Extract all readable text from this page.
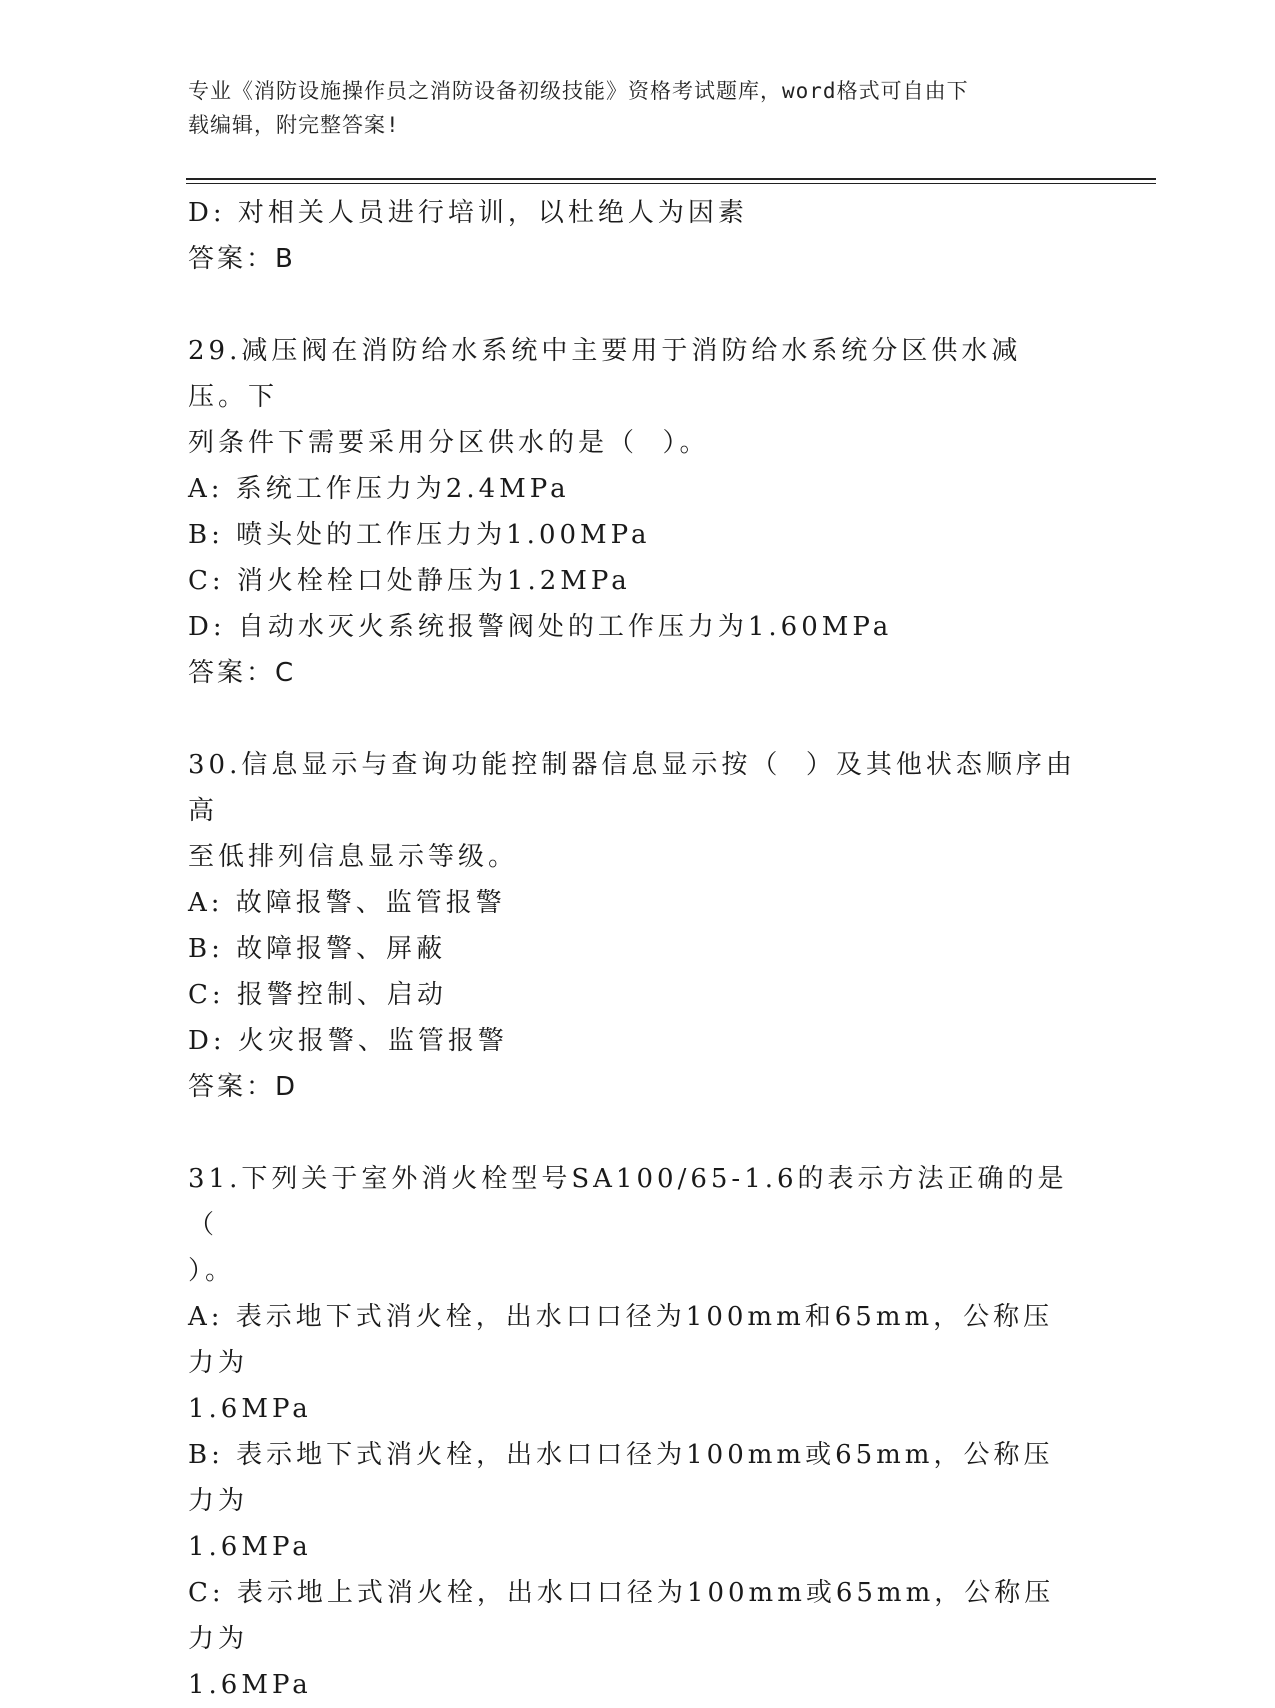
专业《消防设施操作员之消防设备初级技能》资格考试题库，word格式可自由下
载编辑，附完整答案!
D: 对相关人员进行培训，以杜绝人为因素
答案：B
29.减压阀在消防给水系统中主要用于消防给水系统分区供水减压。下
列条件下需要采用分区供水的是（  ）。
A: 系统工作压力为2.4MPa
B: 喷头处的工作压力为1.00MPa
C: 消火栓栓口处静压为1.2MPa
D: 自动水灭火系统报警阀处的工作压力为1.60MPa
答案：C
30.信息显示与查询功能控制器信息显示按（  ）及其他状态顺序由高
至低排列信息显示等级。
A: 故障报警、监管报警
B: 故障报警、屏蔽
C: 报警控制、启动
D: 火灾报警、监管报警
答案：D
31.下列关于室外消火栓型号SA100/65-1.6的表示方法正确的是（
）。
A: 表示地下式消火栓，出水口口径为100mm和65mm，公称压力为
1.6MPa
B: 表示地下式消火栓，出水口口径为100mm或65mm，公称压力为
1.6MPa
C: 表示地上式消火栓，出水口口径为100mm或65mm，公称压力为
1.6MPa
